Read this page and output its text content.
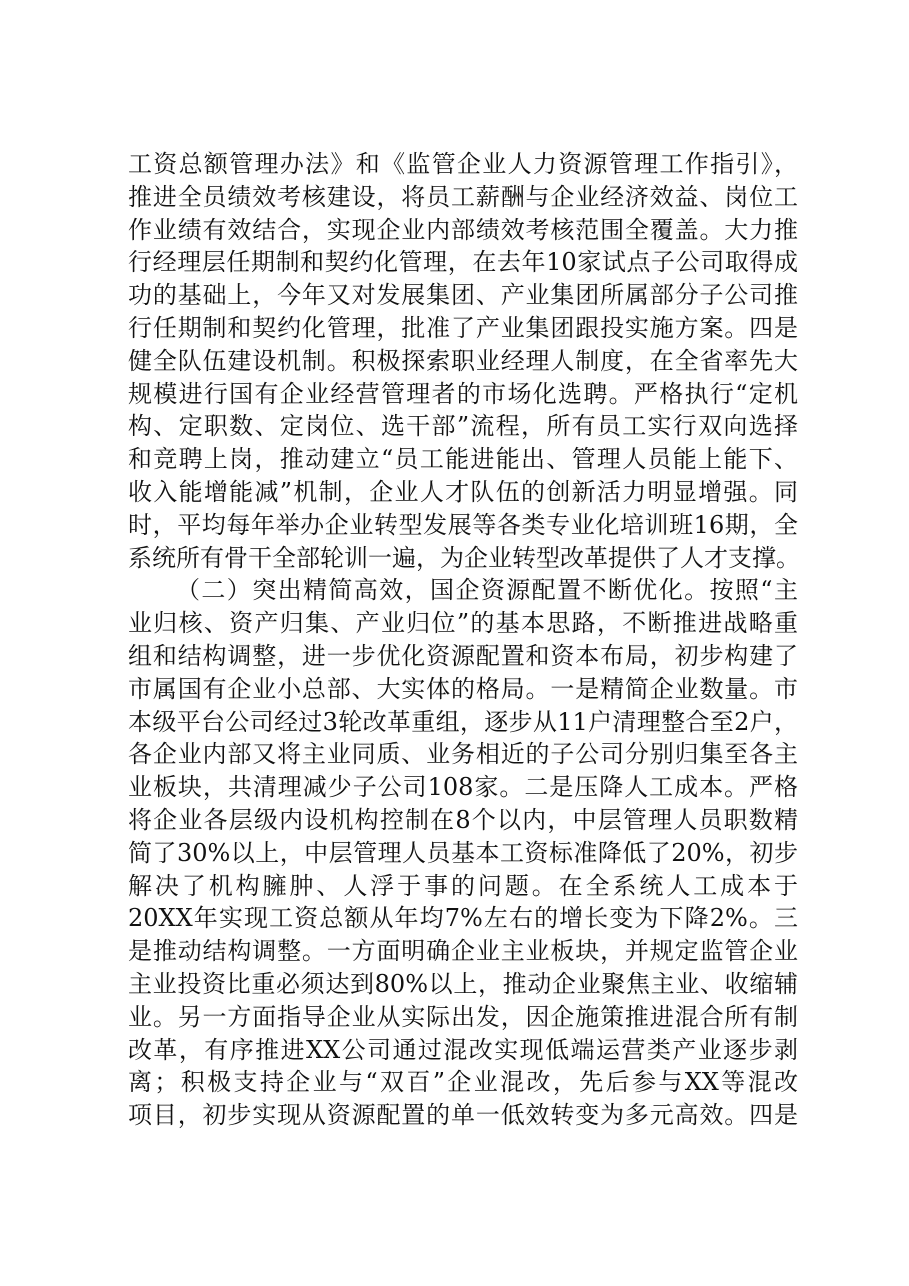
工资总额管理办法》和《监管企业人力资源管理工作指引》，
推进全员绩效考核建设，将员工薪酬与企业经济效益、岗位工
作业绩有效结合，实现企业内部绩效考核范围全覆盖。大力推
行经理层任期制和契约化管理，在去年10家试点子公司取得成
功的基础上，今年又对发展集团、产业集团所属部分子公司推
行任期制和契约化管理，批准了产业集团跟投实施方案。四是
健全队伍建设机制。积极探索职业经理人制度，在全省率先大
规模进行国有企业经营管理者的市场化选聘。严格执行“定机
构、定职数、定岗位、选干部”流程，所有员工实行双向选择
和竞聘上岗，推动建立“员工能进能出、管理人员能上能下、
收入能增能减”机制，企业人才队伍的创新活力明显增强。同
时，平均每年举办企业转型发展等各类专业化培训班16期，全
系统所有骨干全部轮训一遍，为企业转型改革提供了人才支撑。
（二）突出精简高效，国企资源配置不断优化。按照“主
业归核、资产归集、产业归位”的基本思路，不断推进战略重
组和结构调整，进一步优化资源配置和资本布局，初步构建了
市属国有企业小总部、大实体的格局。一是精简企业数量。市
本级平台公司经过3轮改革重组，逐步从11户清理整合至2户，
各企业内部又将主业同质、业务相近的子公司分别归集至各主
业板块，共清理减少子公司108家。二是压降人工成本。严格
将企业各层级内设机构控制在8个以内，中层管理人员职数精
简了30%以上，中层管理人员基本工资标准降低了20%，初步
解决了机构臃肿、人浮于事的问题。在全系统人工成本于
20XX年实现工资总额从年均7%左右的增长变为下降2%。三
是推动结构调整。一方面明确企业主业板块，并规定监管企业
主业投资比重必须达到80%以上，推动企业聚焦主业、收缩辅
业。另一方面指导企业从实际出发，因企施策推进混合所有制
改革，有序推进XX公司通过混改实现低端运营类产业逐步剥
离；积极支持企业与“双百”企业混改，先后参与XX等混改
项目，初步实现从资源配置的单一低效转变为多元高效。四是
